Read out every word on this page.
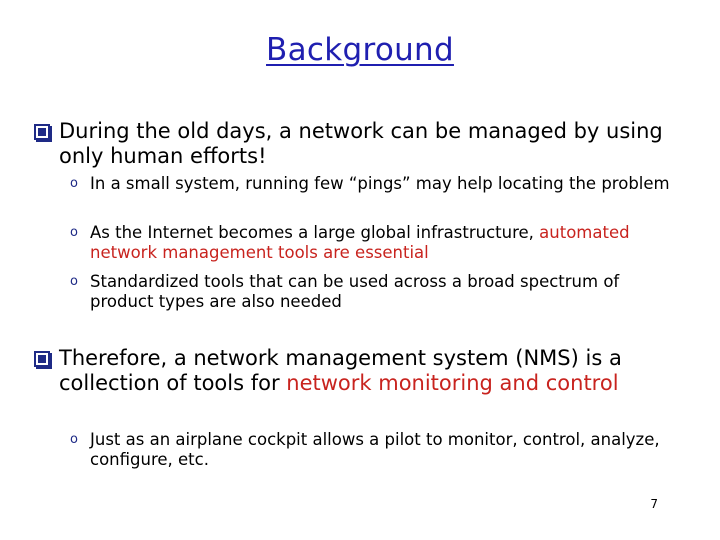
Background
During the old days, a network can be managed by using only human efforts!
o In a small system, running few “pings” may help locating the problem
o As the Internet becomes a large global infrastructure, automated network management tools are essential
o Standardized tools that can be used across a broad spectrum of product types are also needed
Therefore, a network management system (NMS) is a collection of tools for network monitoring and control
o Just as an airplane cockpit allows a pilot to monitor, control, analyze, configure, etc.
7
